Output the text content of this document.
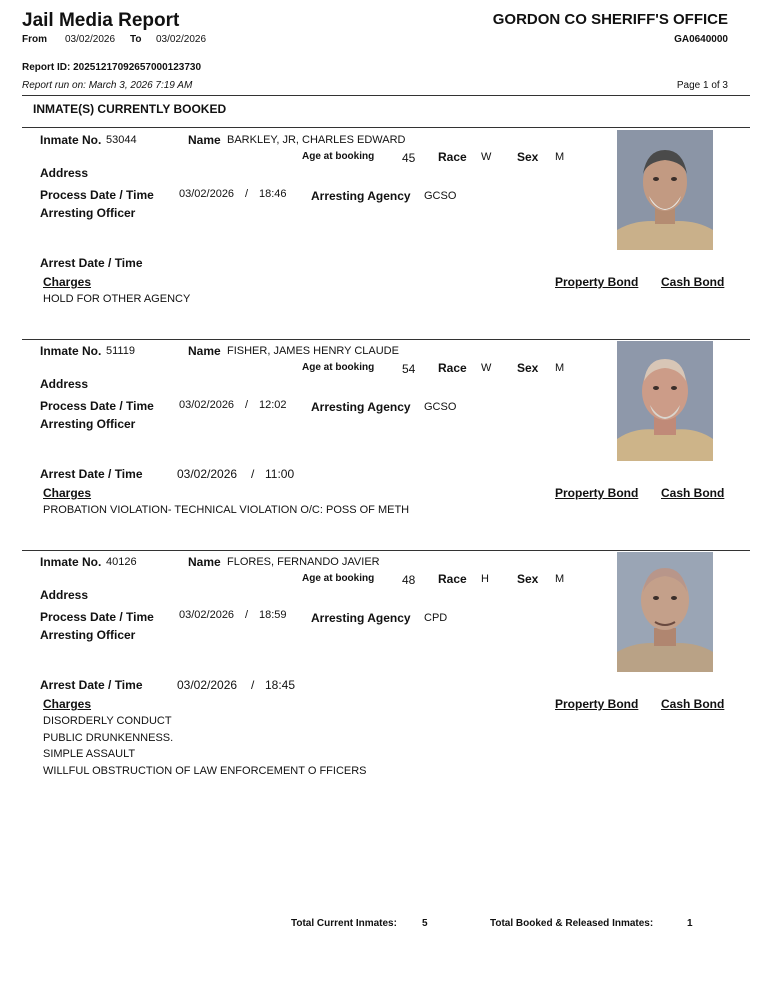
Jail Media Report
From 03/02/2026 To 03/02/2026
GORDON CO SHERIFF'S OFFICE
GA0640000
Report ID: 20251217092657000123730
Report run on: March 3, 2026 7:19 AM	Page 1 of 3
INMATE(S) CURRENTLY BOOKED
Inmate No. 53044	Name BARKLEY, JR, CHARLES EDWARD
Age at booking 45 Race W Sex M
Address
Process Date / Time 03/02/2026 / 18:46 Arresting Agency GCSO
Arresting Officer
Arrest Date / Time
Charges	Property Bond Cash Bond
HOLD FOR OTHER AGENCY
Inmate No. 51119	Name FISHER, JAMES HENRY CLAUDE
Age at booking 54 Race W Sex M
Address
Process Date / Time 03/02/2026 / 12:02 Arresting Agency GCSO
Arresting Officer
Arrest Date / Time	03/02/2026 / 11:00
Charges	Property Bond Cash Bond
PROBATION VIOLATION- TECHNICAL VIOLATION O/C: POSS OF METH
Inmate No. 40126	Name FLORES, FERNANDO JAVIER
Age at booking 48 Race H Sex M
Address
Process Date / Time 03/02/2026 / 18:59 Arresting Agency CPD
Arresting Officer
Arrest Date / Time	03/02/2026 / 18:45
Charges	Property Bond Cash Bond
DISORDERLY CONDUCT
PUBLIC DRUNKENNESS.
SIMPLE ASSAULT
WILLFUL OBSTRUCTION OF LAW ENFORCEMENT O FFICERS
Total Current Inmates:	5	Total Booked & Released Inmates:	1
